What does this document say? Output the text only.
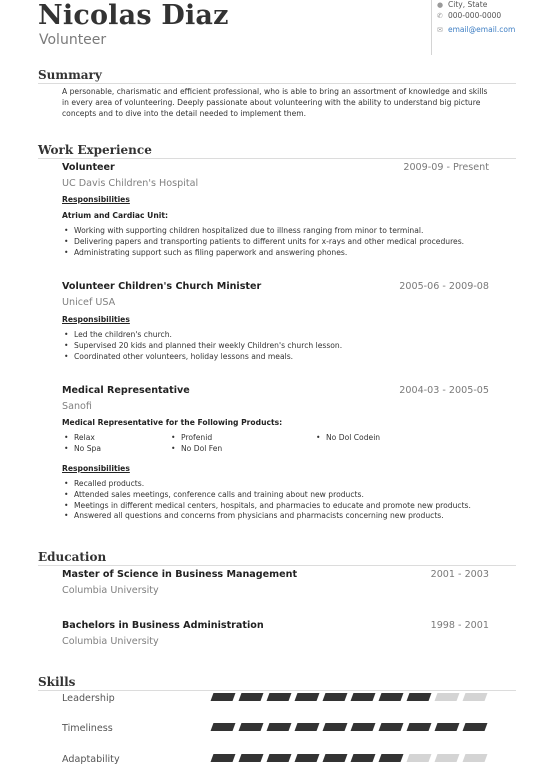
Nicolas Diaz
Volunteer
● City, State
✆ 000-000-0000
✉ email@email.com
Summary
A personable, charismatic and efficient professional, who is able to bring an assortment of knowledge and skills in every area of volunteering. Deeply passionate about volunteering with the ability to understand big picture concepts and to dive into the detail needed to implement them.
Work Experience
Volunteer	2009-09 - Present
UC Davis Children's Hospital
Responsibilities
Atrium and Cardiac Unit:
• Working with supporting children hospitalized due to illness ranging from minor to terminal.
• Delivering papers and transporting patients to different units for x-rays and other medical procedures.
• Administrating support such as filing paperwork and answering phones.
Volunteer Children's Church Minister	2005-06 - 2009-08
Unicef USA
Responsibilities
• Led the children's church.
• Supervised 20 kids and planned their weekly Children's church lesson.
• Coordinated other volunteers, holiday lessons and meals.
Medical Representative	2004-03 - 2005-05
Sanofi
Medical Representative for the Following Products:
• Relax
• No Spa
• Profenid
• No Dol Fen
• No Dol Codein
Responsibilities
• Recalled products.
• Attended sales meetings, conference calls and training about new products.
• Meetings in different medical centers, hospitals, and pharmacies to educate and promote new products.
• Answered all questions and concerns from physicians and pharmacists concerning new products.
Education
Master of Science in Business Management	2001 - 2003
Columbia University
Bachelors in Business Administration	1998 - 2001
Columbia University
Skills
Leadership
Timeliness
Adaptability
